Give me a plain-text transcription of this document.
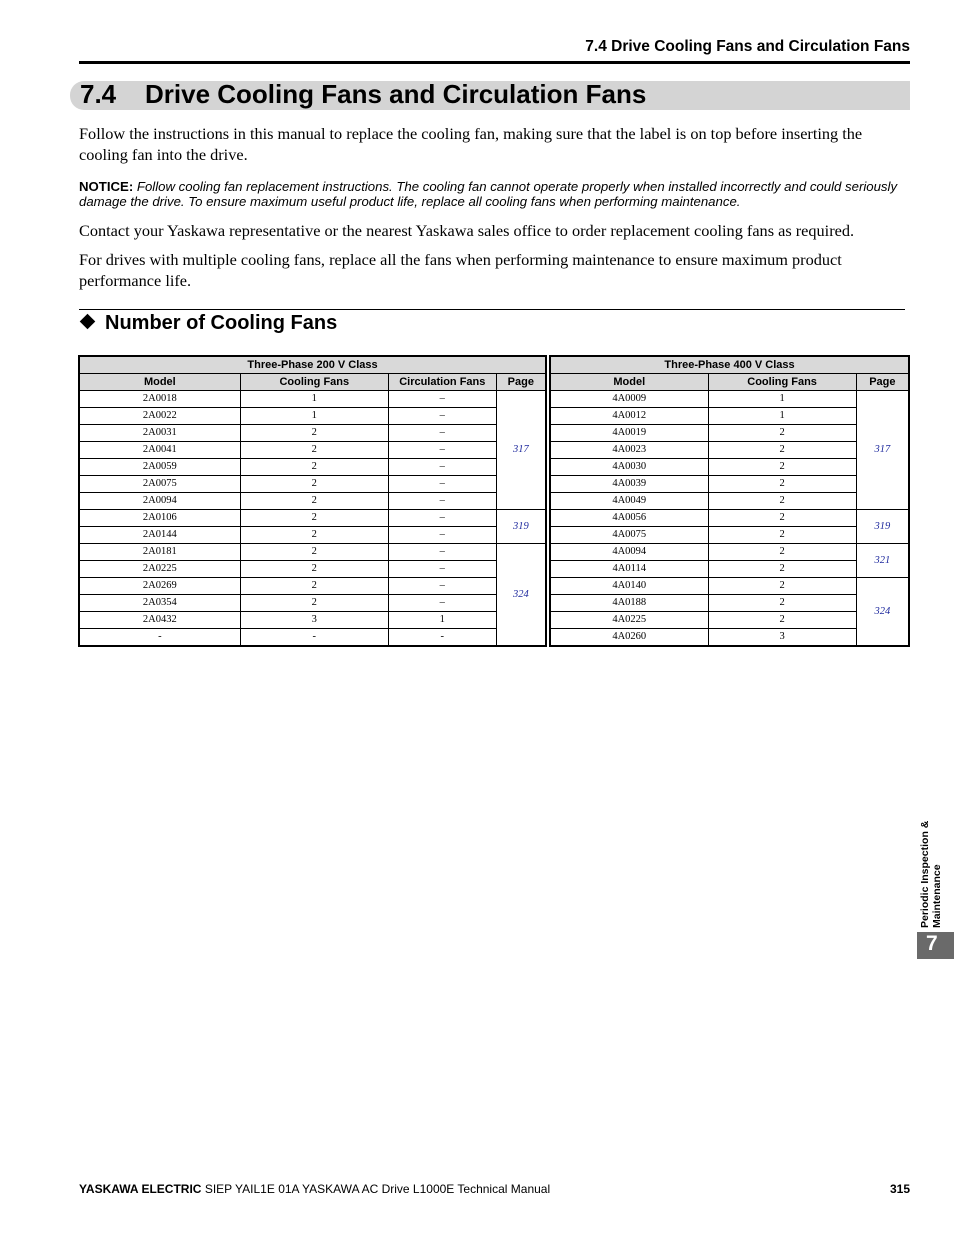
7.4 Drive Cooling Fans and Circulation Fans
7.4 Drive Cooling Fans and Circulation Fans

Follow the instructions in this manual to replace the cooling fan, making sure that the label is on top before inserting the cooling fan into the drive.

NOTICE: Follow cooling fan replacement instructions. The cooling fan cannot operate properly when installed incorrectly and could seriously damage the drive. To ensure maximum useful product life, replace all cooling fans when performing maintenance.

Contact your Yaskawa representative or the nearest Yaskawa sales office to order replacement cooling fans as required.

For drives with multiple cooling fans, replace all the fans when performing maintenance to ensure maximum product performance life.

Number of Cooling Fans
Three-Phase 200 V Class			
Model	Cooling Fans	Circulation Fans	Page
2A0018	1	–	317
2A0022	1	–	
2A0031	2	–	
2A0041	2	–	
2A0059	2	–	
2A0075	2	–	
2A0094	2	–	
2A0106	2	–	319
2A0144	2	–	
2A0181	2	–	324
2A0225	2	–	
2A0269	2	–	
2A0354	2	–	
2A0432	3	1	
-	-	-	
Three-Phase 400 V Class		
Model	Cooling Fans	Page
4A0009	1	317
4A0012	1	
4A0019	2	
4A0023	2	
4A0030	2	
4A0039	2	
4A0049	2	
4A0056	2	319
4A0075	2	
4A0094	2	321
4A0114	2	
4A0140	2	324
4A0188	2	
4A0225	2	
4A0260	3	
YASKAWA ELECTRIC SIEP YAIL1E 01A YASKAWA AC Drive L1000E Technical Manual	315
Periodic Inspection & Maintenance
7
